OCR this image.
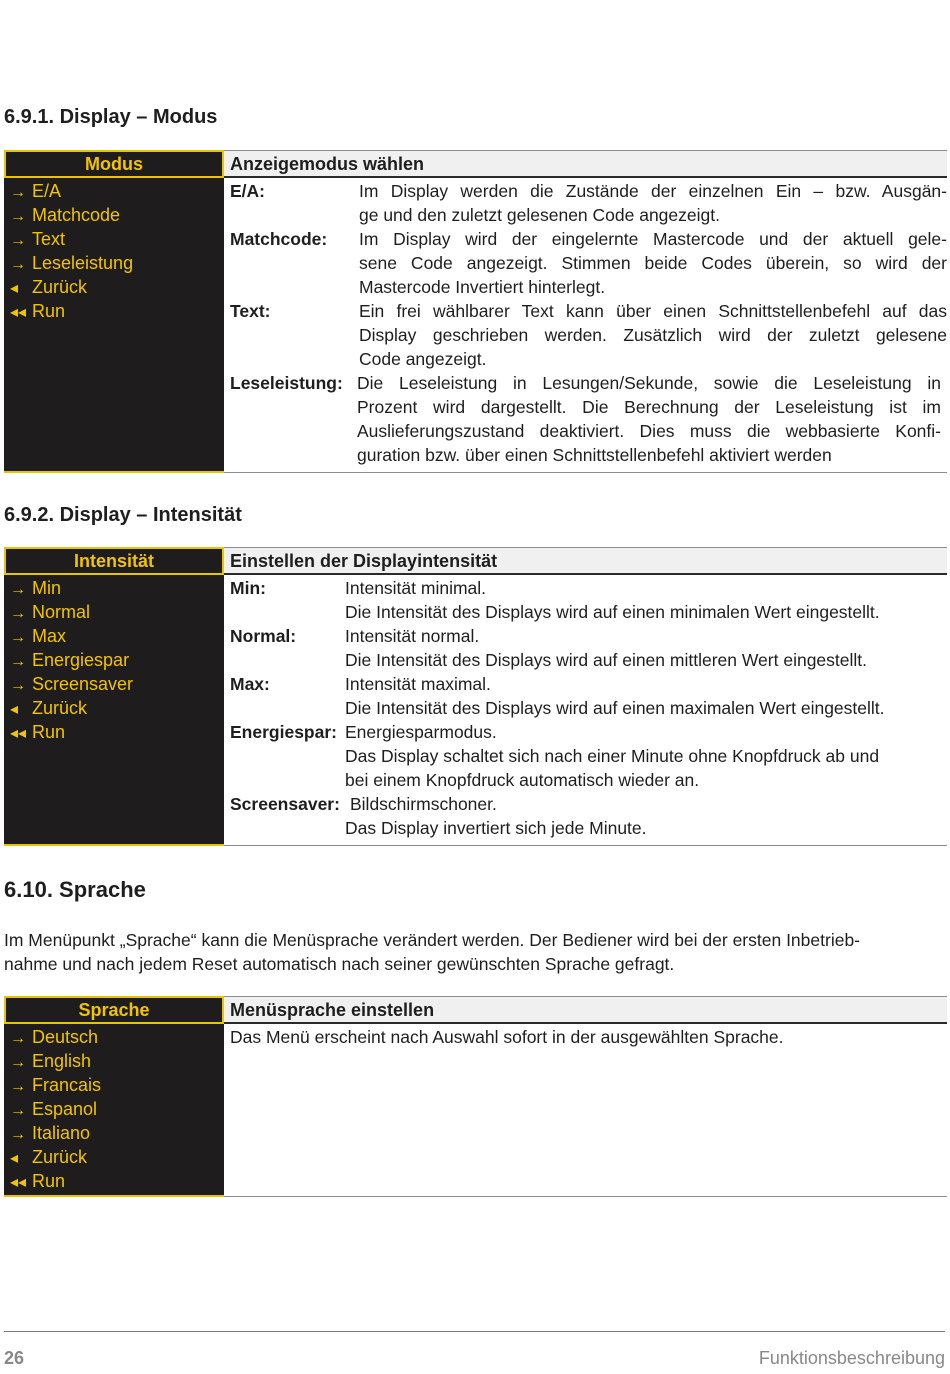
6.9.1. Display – Modus
Modus	Anzeigemodus wählen
→ E/A
→ Matchcode
→ Text
→ Leseleistung
◂ Zurück
◂◂ Run
E/A:	Im Display werden die Zustände der einzelnen Ein – bzw. Ausgän-
ge und den zuletzt gelesenen Code angezeigt.
Matchcode: Im Display wird der eingelernte Mastercode und der aktuell gele-
sene Code angezeigt. Stimmen beide Codes überein, so wird der
Mastercode Invertiert hinterlegt.
Text:	Ein frei wählbarer Text kann über einen Schnittstellenbefehl auf das
Display geschrieben werden. Zusätzlich wird der zuletzt gelesene
Code angezeigt.
Leseleistung: Die Leseleistung in Lesungen/Sekunde, sowie die Leseleistung in
Prozent wird dargestellt. Die Berechnung der Leseleistung ist im
Auslieferungszustand deaktiviert. Dies muss die webbasierte Konfi-
guration bzw. über einen Schnittstellenbefehl aktiviert werden
6.9.2. Display – Intensität
Intensität	Einstellen der Displayintensität
→ Min
→ Normal
→ Max
→ Energiespar
→ Screensaver
◂ Zurück
◂◂ Run
Min:	Intensität minimal.
Die Intensität des Displays wird auf einen minimalen Wert eingestellt.
Normal:	Intensität normal.
Die Intensität des Displays wird auf einen mittleren Wert eingestellt.
Max:	Intensität maximal.
Die Intensität des Displays wird auf einen maximalen Wert eingestellt.
Energiespar: Energiesparmodus.
Das Display schaltet sich nach einer Minute ohne Knopfdruck ab und
bei einem Knopfdruck automatisch wieder an.
Screensaver: Bildschirmschoner.
Das Display invertiert sich jede Minute.
6.10. Sprache
Im Menüpunkt „Sprache“ kann die Menüsprache verändert werden. Der Bediener wird bei der ersten Inbetrieb-
nahme und nach jedem Reset automatisch nach seiner gewünschten Sprache gefragt.
Sprache	Menüsprache einstellen
→ Deutsch
→ English
→ Francais
→ Espanol
→ Italiano
◂ Zurück
◂◂ Run
Das Menü erscheint nach Auswahl sofort in der ausgewählten Sprache.
26	Funktionsbeschreibung
